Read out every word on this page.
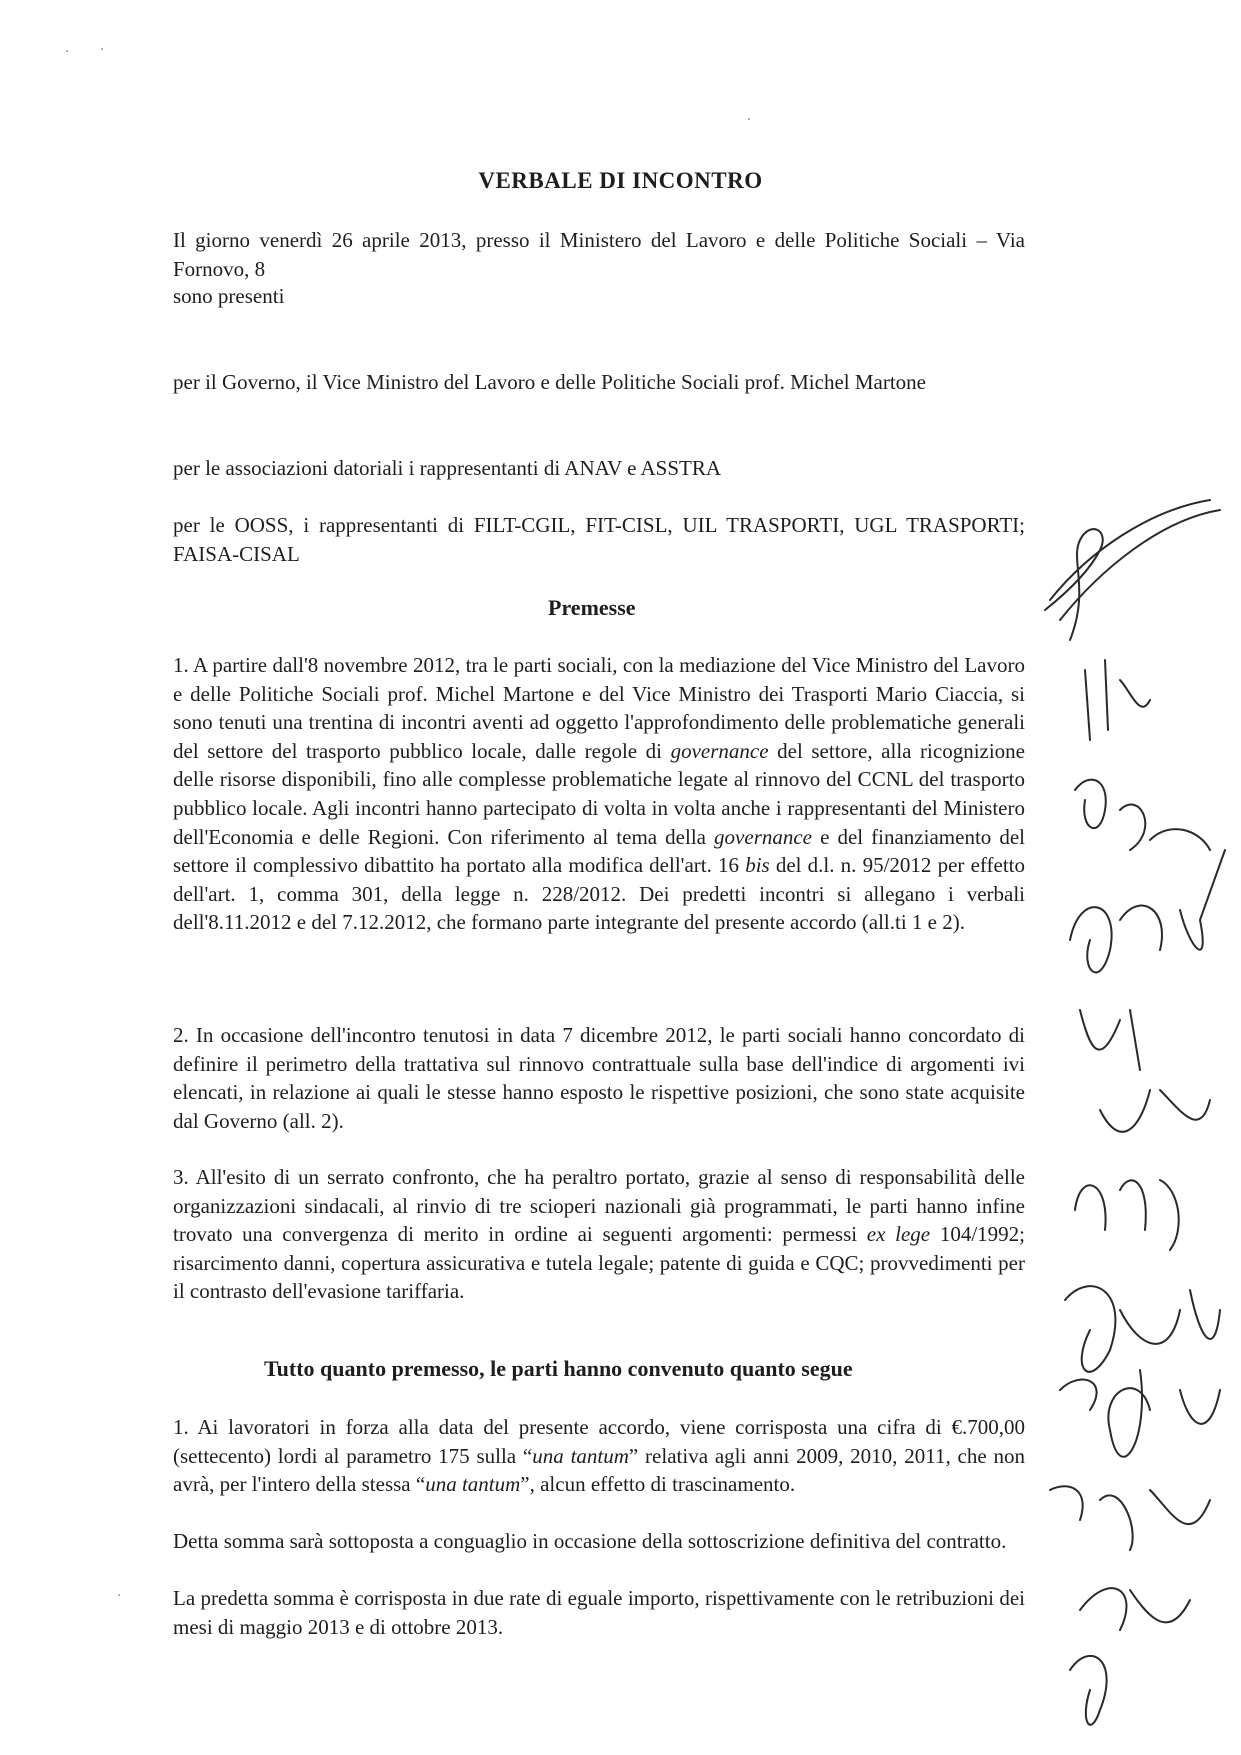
VERBALE DI INCONTRO

Il giorno venerdì 26 aprile 2013, presso il Ministero del Lavoro e delle Politiche Sociali – Via Fornovo, 8

sono presenti

per il Governo, il Vice Ministro del Lavoro e delle Politiche Sociali prof. Michel Martone

per le associazioni datoriali i rappresentanti di ANAV e ASSTRA

per le OOSS, i rappresentanti di FILT-CGIL, FIT-CISL, UIL TRASPORTI, UGL TRASPORTI; FAISA-CISAL

Premesse

1. A partire dall'8 novembre 2012, tra le parti sociali, con la mediazione del Vice Ministro del Lavoro e delle Politiche Sociali prof. Michel Martone e del Vice Ministro dei Trasporti Mario Ciaccia, si sono tenuti una trentina di incontri aventi ad oggetto l'approfondimento delle problematiche generali del settore del trasporto pubblico locale, dalle regole di governance del settore, alla ricognizione delle risorse disponibili, fino alle complesse problematiche legate al rinnovo del CCNL del trasporto pubblico locale. Agli incontri hanno partecipato di volta in volta anche i rappresentanti del Ministero dell'Economia e delle Regioni. Con riferimento al tema della governance e del finanziamento del settore il complessivo dibattito ha portato alla modifica dell'art. 16 bis del d.l. n. 95/2012 per effetto dell'art. 1, comma 301, della legge n. 228/2012. Dei predetti incontri si allegano i verbali dell'8.11.2012 e del 7.12.2012, che formano parte integrante del presente accordo (all.ti 1 e 2).

2. In occasione dell'incontro tenutosi in data 7 dicembre 2012, le parti sociali hanno concordato di definire il perimetro della trattativa sul rinnovo contrattuale sulla base dell'indice di argomenti ivi elencati, in relazione ai quali le stesse hanno esposto le rispettive posizioni, che sono state acquisite dal Governo (all. 2).

3. All'esito di un serrato confronto, che ha peraltro portato, grazie al senso di responsabilità delle organizzazioni sindacali, al rinvio di tre scioperi nazionali già programmati, le parti hanno infine trovato una convergenza di merito in ordine ai seguenti argomenti: permessi ex lege 104/1992; risarcimento danni, copertura assicurativa e tutela legale; patente di guida e CQC; provvedimenti per il contrasto dell'evasione tariffaria.

Tutto quanto premesso, le parti hanno convenuto quanto segue

1. Ai lavoratori in forza alla data del presente accordo, viene corrisposta una cifra di €.700,00 (settecento) lordi al parametro 175 sulla “una tantum” relativa agli anni 2009, 2010, 2011, che non avrà, per l'intero della stessa “una tantum”, alcun effetto di trascinamento.

Detta somma sarà sottoposta a conguaglio in occasione della sottoscrizione definitiva del contratto.

La predetta somma è corrisposta in due rate di eguale importo, rispettivamente con le retribuzioni dei mesi di maggio 2013 e di ottobre 2013.
